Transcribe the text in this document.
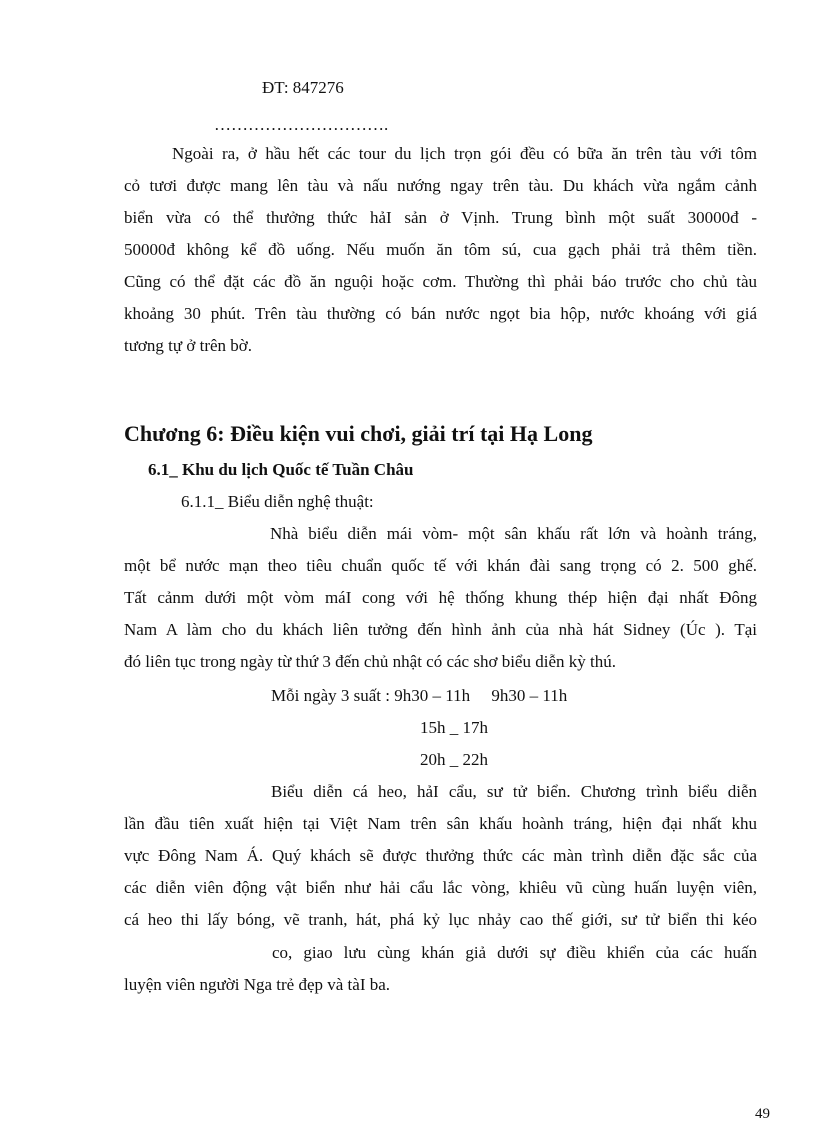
ĐT: 847276
………………………….
Ngoài ra, ở hầu hết các tour du lịch trọn gói đều có bữa ăn trên tàu với tôm
cỏ tươi được mang lên tàu và nấu nướng ngay trên tàu. Du khách vừa ngắm cảnh
biển vừa có thể thưởng thức hảI sản ở Vịnh. Trung bình một suất 30000đ -
50000đ không kể đồ uống. Nếu muốn ăn tôm sú, cua gạch phải trả thêm tiền.
Cũng có thể đặt các đồ ăn nguội hoặc cơm. Thường thì phải báo trước cho chủ tàu
khoảng 30 phút. Trên tàu thường có bán nước ngọt bia hộp, nước khoáng với giá
tương tự ở trên bờ.
Chương 6: Điều kiện vui chơi, giải trí tại Hạ Long
6.1_ Khu du lịch Quốc tế Tuần Châu
6.1.1_ Biểu diễn nghệ thuật:
Nhà biểu diễn mái vòm- một sân khấu rất lớn và hoành tráng,
một bể nước mạn theo tiêu chuẩn quốc tế với khán đài sang trọng có 2. 500 ghế.
Tất cảnm dưới một vòm máI cong với hệ thống khung thép hiện đại nhất Đông
Nam A làm cho du khách liên tưởng đến hình ảnh của nhà hát Sidney (Úc ). Tại
đó liên tục trong ngày từ thứ 3 đến chủ nhật có các shơ biểu diễn kỳ thú.
Mỗi ngày 3 suất : 9h30 – 11h     9h30 – 11h
15h _ 17h
20h _ 22h
Biểu diễn cá heo, hảI cẩu, sư tử biển. Chương trình biểu diễn
lần đầu tiên xuất hiện tại Việt Nam trên sân khấu hoành tráng, hiện đại nhất khu
vực Đông Nam Á. Quý khách sẽ được thưởng thức các màn trình diễn đặc sắc của
các diễn viên động vật biển như hải cẩu lắc vòng, khiêu vũ cùng huấn luyện viên,
cá heo thi lấy bóng, vẽ tranh, hát, phá kỷ lục nhảy cao thế giới, sư tử biển thi kéo
co, giao lưu cùng khán giả dưới sự điều khiển của các huấn
luyện viên người Nga trẻ đẹp và tàI ba.
49
